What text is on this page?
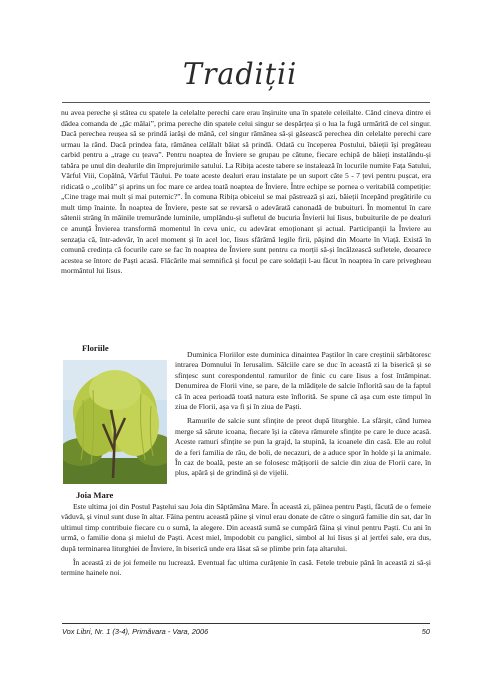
Tradiții

nu avea pereche și stătea cu spatele la celelalte perechi care erau înșiruite una în spatele celeilalte. Când cineva dintre ei dădea comanda de „țâc mălai”, prima pereche din spatele celui singur se despărțea și o lua la fugă urmărită de cel singur. Dacă perechea reușea să se prindă iarăși de mână, cel singur rămânea să-și găsească perechea din celelalte perechi care urmau la rând. Dacă prindea fata, rămânea celălalt băiat să prindă. Odată cu începerea Postului, băieții își pregăteau carbid pentru a „trage cu țeava”. Pentru noaptea de Înviere se grupau pe cătune, fiecare echipă de băieți instalându-și tabăra pe unul din dealurile din împrejurimile satului. La Ribița aceste tabere se instalează în locurile numite Fața Satului, Vârful Viii, Copălnă, Vârful Tăului. Pe toate aceste dealuri erau instalate pe un suport câte 5 - 7 țevi pentru pușcat, era ridicată o „colibă” și aprins un foc mare ce ardea toată noaptea de Înviere. Între echipe se pornea o veritabilă competiție: „Cine trage mai mult și mai puternic?”. În comuna Ribița obiceiul se mai păstrează și azi, băieții începând pregătirile cu mult timp înainte. În noaptea de Înviere, peste sat se revarsă o adevărată canonadă de bubuituri. În momentul în care sătenii strâng în mâinile tremurânde luminile, umplându-și sufletul de bucuria Învierii lui Iisus, bubuiturile de pe dealuri ce anunță Învierea transformă momentul în ceva unic, cu adevărat emoționant și actual. Participanții la Înviere au senzația că, într-adevăr, în acel moment și în acel loc, Iisus sfărâmă legile firii, pășind din Moarte în Viață. Există în comună credința că focurile care se fac în noaptea de Înviere sunt pentru ca morții să-și încălzească sufletele, deoarece acestea se întorc de Paști acasă. Flăcările mai semnifică și focul pe care soldații l-au făcut în noaptea în care privegheau mormântul lui Iisus.

Floriile

Duminica Floriilor este duminica dinaintea Paștilor în care creștinii sărbătoresc intrarea Domnului în Ierusalim. Sălciile care se duc în această zi la biserică și se sfințesc sunt corespondentul ramurilor de finic cu care Iisus a fost întâmpinat. Denumirea de Florii vine, se pare, de la mlădițele de salcie înflorită sau de la faptul că în acea perioadă toată natura este înflorită. Se spune că așa cum este timpul în ziua de Florii, așa va fi și în ziua de Paști.

Ramurile de salcie sunt sfințite de preot după liturghie. La sfârșit, când lumea merge să sărute icoana, fiecare își ia câteva rămurele sfințite pe care le duce acasă. Aceste ramuri sfințite se pun la grajd, la stupină, la icoanele din casă. Ele au rolul de a feri familia de rău, de boli, de necazuri, de a aduce spor în holde și la animale. În caz de boală, peste an se folosesc mâțișorii de salcie din ziua de Florii care, în plus, apără și de grindină și de vijelii.

Joia Mare

Este ultima joi din Postul Paștelui sau Joia din Săptămâna Mare. În această zi, pâinea pentru Paști, făcută de o femeie văduvă, și vinul sunt duse în altar. Făina pentru această pâine și vinul erau donate de către o singură familie din sat, dar în ultimul timp contribuie fiecare cu o sumă, la alegere. Din această sumă se cumpără făina și vinul pentru Paști. Cu ani în urmă, o familie dona și mielul de Paști. Acest miel, împodobit cu panglici, simbol al lui Iisus și al jertfei sale, era dus, după terminarea liturghiei de Înviere, în biserică unde era lăsat să se plimbe prin fața altarului.

În această zi de joi femeile nu lucrează. Eventual fac ultima curățenie în casă. Fetele trebuie până în această zi să-și termine hainele noi.

Vox Libri, Nr. 1 (3-4), Primăvara - Vara, 2006	50
